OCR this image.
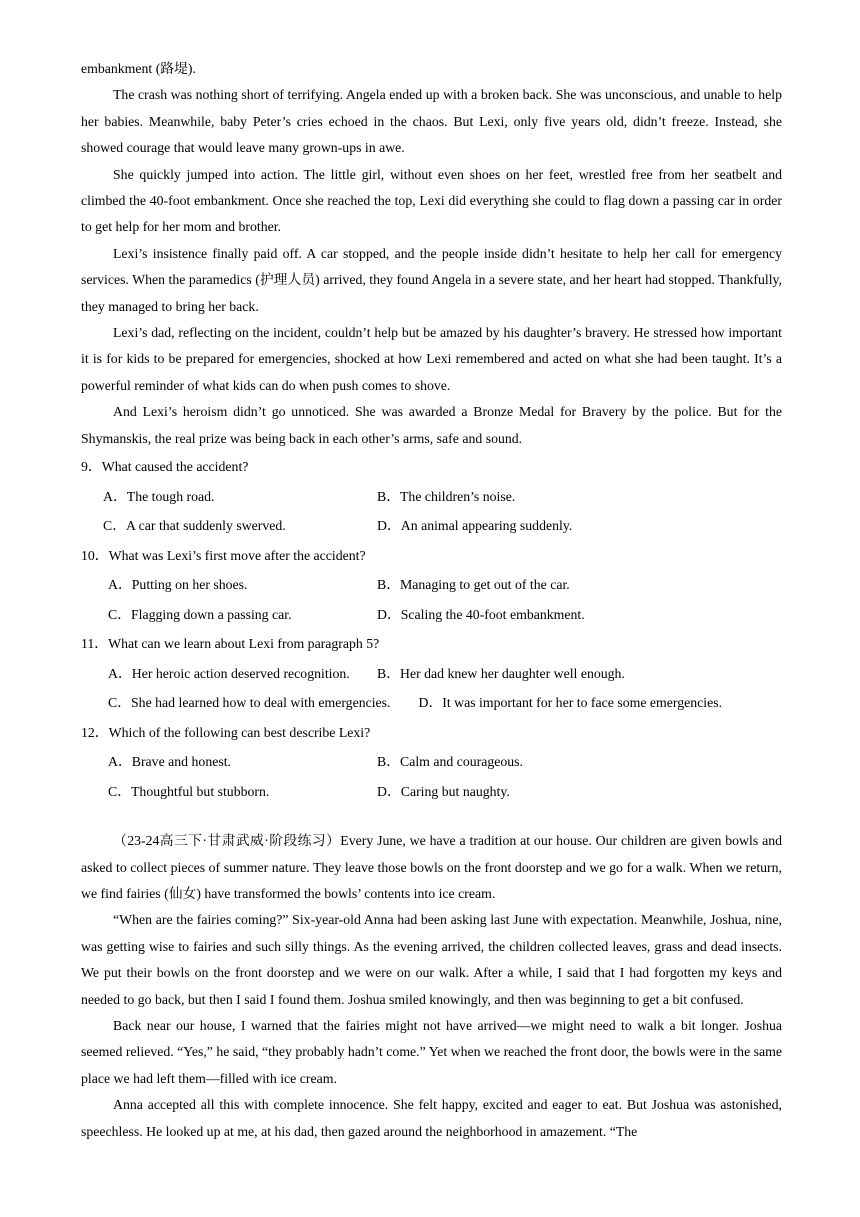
embankment (路堤).

The crash was nothing short of terrifying. Angela ended up with a broken back. She was unconscious, and unable to help her babies. Meanwhile, baby Peter’s cries echoed in the chaos. But Lexi, only five years old, didn’t freeze. Instead, she showed courage that would leave many grown-ups in awe.

She quickly jumped into action. The little girl, without even shoes on her feet, wrestled free from her seatbelt and climbed the 40-foot embankment. Once she reached the top, Lexi did everything she could to flag down a passing car in order to get help for her mom and brother.

Lexi’s insistence finally paid off. A car stopped, and the people inside didn’t hesitate to help her call for emergency services. When the paramedics (护理人员) arrived, they found Angela in a severe state, and her heart had stopped. Thankfully, they managed to bring her back.

Lexi’s dad, reflecting on the incident, couldn’t help but be amazed by his daughter’s bravery. He stressed how important it is for kids to be prepared for emergencies, shocked at how Lexi remembered and acted on what she had been taught. It’s a powerful reminder of what kids can do when push comes to shove.

And Lexi’s heroism didn’t go unnoticed. She was awarded a Bronze Medal for Bravery by the police. But for the Shymanskis, the real prize was being back in each other’s arms, safe and sound.

9．What caused the accident?

A．The tough road.	B．The children’s noise.
C．A car that suddenly swerved.	D．An animal appearing suddenly.

10．What was Lexi’s first move after the accident?

A．Putting on her shoes.	B．Managing to get out of the car.
C．Flagging down a passing car.	D．Scaling the 40-foot embankment.

11．What can we learn about Lexi from paragraph 5?

A．Her heroic action deserved recognition.	B．Her dad knew her daughter well enough.
C．She had learned how to deal with emergencies. D．It was important for her to face some emergencies.

12．Which of the following can best describe Lexi?

A．Brave and honest.	B．Calm and courageous.
C．Thoughtful but stubborn.	D．Caring but naughty.

（23-24高三下·甘肃武威·阶段练习）Every June, we have a tradition at our house. Our children are given bowls and asked to collect pieces of summer nature. They leave those bowls on the front doorstep and we go for a walk. When we return, we find fairies (仙女) have transformed the bowls’ contents into ice cream.

“When are the fairies coming?” Six-year-old Anna had been asking last June with expectation. Meanwhile, Joshua, nine, was getting wise to fairies and such silly things. As the evening arrived, the children collected leaves, grass and dead insects. We put their bowls on the front doorstep and we were on our walk. After a while, I said that I had forgotten my keys and needed to go back, but then I said I found them. Joshua smiled knowingly, and then was beginning to get a bit confused.

Back near our house, I warned that the fairies might not have arrived—we might need to walk a bit longer. Joshua seemed relieved. “Yes,” he said, “they probably hadn’t come.” Yet when we reached the front door, the bowls were in the same place we had left them—filled with ice cream.

Anna accepted all this with complete innocence. She felt happy, excited and eager to eat. But Joshua was astonished, speechless. He looked up at me, at his dad, then gazed around the neighborhood in amazement. “The
